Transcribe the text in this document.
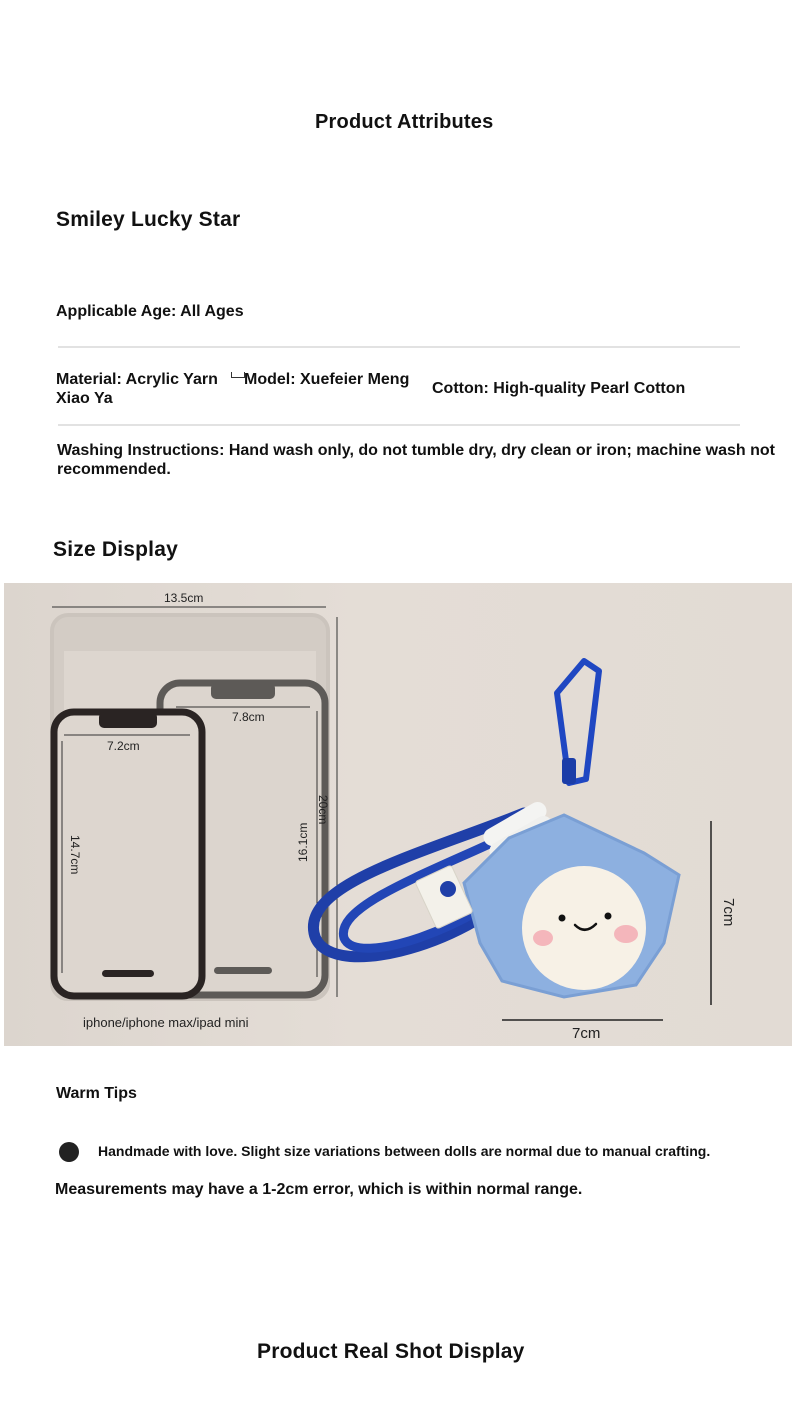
Product Attributes
Smiley Lucky Star
Applicable Age: All Ages
Material: Acrylic Yarn Model: Xuefeier Meng
Xiao Ya
Cotton: High-quality Pearl Cotton
Washing Instructions: Hand wash only, do not tumble dry, dry clean or iron; machine wash not recommended.
Size Display
13.5cm
20cm
7.8cm
16.1cm
7.2cm
14.7cm
iphone/iphone max/ipad mini
7cm
7cm
Warm Tips
Handmade with love. Slight size variations between dolls are normal due to manual crafting.
Measurements may have a 1-2cm error, which is within normal range.
Product Real Shot Display
